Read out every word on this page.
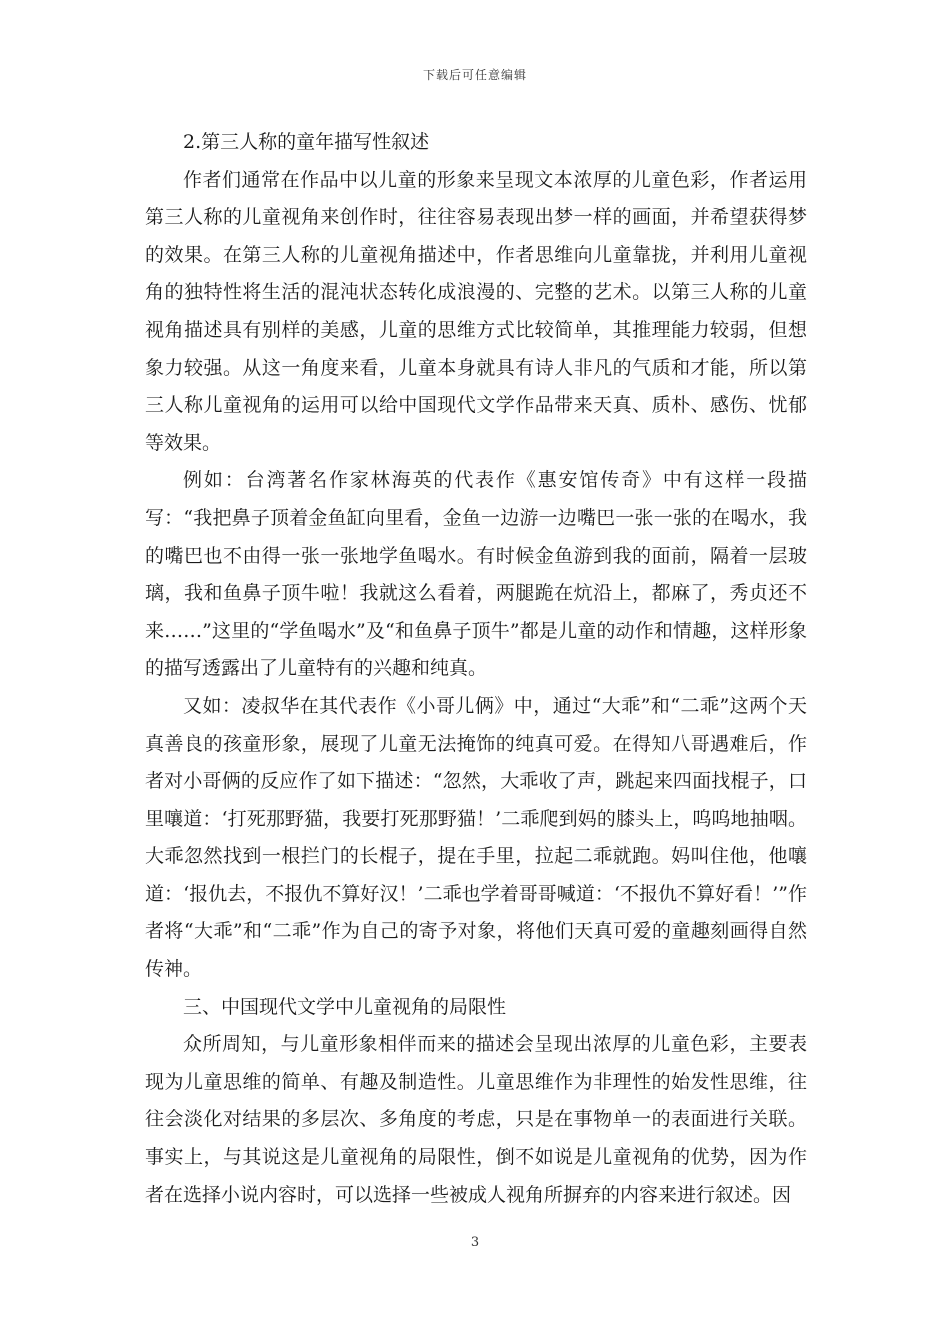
下载后可任意编辑

2.第三人称的童年描写性叙述

作者们通常在作品中以儿童的形象来呈现文本浓厚的儿童色彩，作者运用第三人称的儿童视角来创作时，往往容易表现出梦一样的画面，并希望获得梦的效果。在第三人称的儿童视角描述中，作者思维向儿童靠拢，并利用儿童视角的独特性将生活的混沌状态转化成浪漫的、完整的艺术。以第三人称的儿童视角描述具有别样的美感，儿童的思维方式比较简单，其推理能力较弱，但想象力较强。从这一角度来看，儿童本身就具有诗人非凡的气质和才能，所以第三人称儿童视角的运用可以给中国现代文学作品带来天真、质朴、感伤、忧郁等效果。

例如：台湾著名作家林海英的代表作《惠安馆传奇》中有这样一段描写：“我把鼻子顶着金鱼缸向里看，金鱼一边游一边嘴巴一张一张的在喝水，我的嘴巴也不由得一张一张地学鱼喝水。有时候金鱼游到我的面前，隔着一层玻璃，我和鱼鼻子顶牛啦！我就这么看着，两腿跪在炕沿上，都麻了，秀贞还不来……”这里的“学鱼喝水”及“和鱼鼻子顶牛”都是儿童的动作和情趣，这样形象的描写透露出了儿童特有的兴趣和纯真。

又如：凌叔华在其代表作《小哥儿俩》中，通过“大乖”和“二乖”这两个天真善良的孩童形象，展现了儿童无法掩饰的纯真可爱。在得知八哥遇难后，作者对小哥俩的反应作了如下描述：“忽然，大乖收了声，跳起来四面找棍子，口里嚷道：‘打死那野猫，我要打死那野猫！’二乖爬到妈的膝头上，呜呜地抽咽。大乖忽然找到一根拦门的长棍子，提在手里，拉起二乖就跑。妈叫住他，他嚷道：‘报仇去，不报仇不算好汉！’二乖也学着哥哥喊道：‘不报仇不算好看！’”作者将“大乖”和“二乖”作为自己的寄予对象，将他们天真可爱的童趣刻画得自然传神。

三、中国现代文学中儿童视角的局限性

众所周知，与儿童形象相伴而来的描述会呈现出浓厚的儿童色彩，主要表现为儿童思维的简单、有趣及制造性。儿童思维作为非理性的始发性思维，往往会淡化对结果的多层次、多角度的考虑，只是在事物单一的表面进行关联。事实上，与其说这是儿童视角的局限性，倒不如说是儿童视角的优势，因为作者在选择小说内容时，可以选择一些被成人视角所摒弃的内容来进行叙述。因

3
